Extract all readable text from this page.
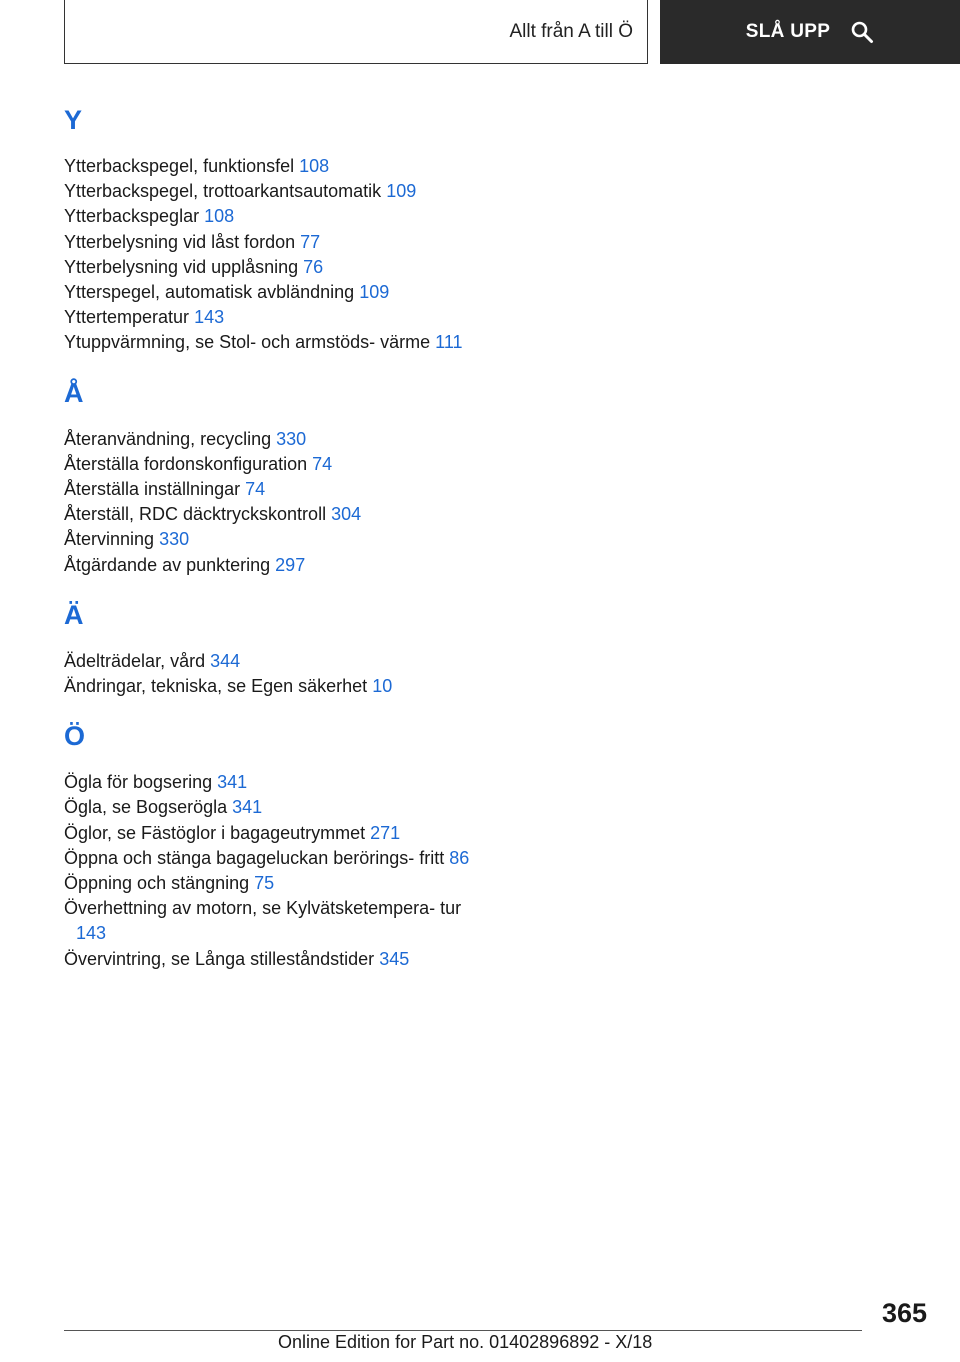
Allt från A till Ö	SLÅ UPP
Y
Ytterbackspegel, funktionsfel 108
Ytterbackspegel, trottoarkantsautomatik 109
Ytterbackspeglar 108
Ytterbelysning vid låst fordon 77
Ytterbelysning vid upplåsning 76
Ytterspegel, automatisk avbländning 109
Yttertemperatur 143
Ytuppvärmning, se Stol- och armstöds‑ värme 111
Å
Återanvändning, recycling 330
Återställa fordonskonfiguration 74
Återställa inställningar 74
Återställ, RDC däcktryckskontroll 304
Återvinning 330
Åtgärdande av punktering 297
Ä
Ädelträdelar, vård 344
Ändringar, tekniska, se Egen säkerhet 10
Ö
Ögla för bogsering 341
Ögla, se Bogserögla 341
Öglor, se Fästöglor i bagageutrymmet 271
Öppna och stänga bagageluckan berörings‑ fritt 86
Öppning och stängning 75
Överhettning av motorn, se Kylvätsketempera‑ tur 143
Övervintring, se Långa stilleståndstider 345
365
Online Edition for Part no. 01402896892 - X/18
